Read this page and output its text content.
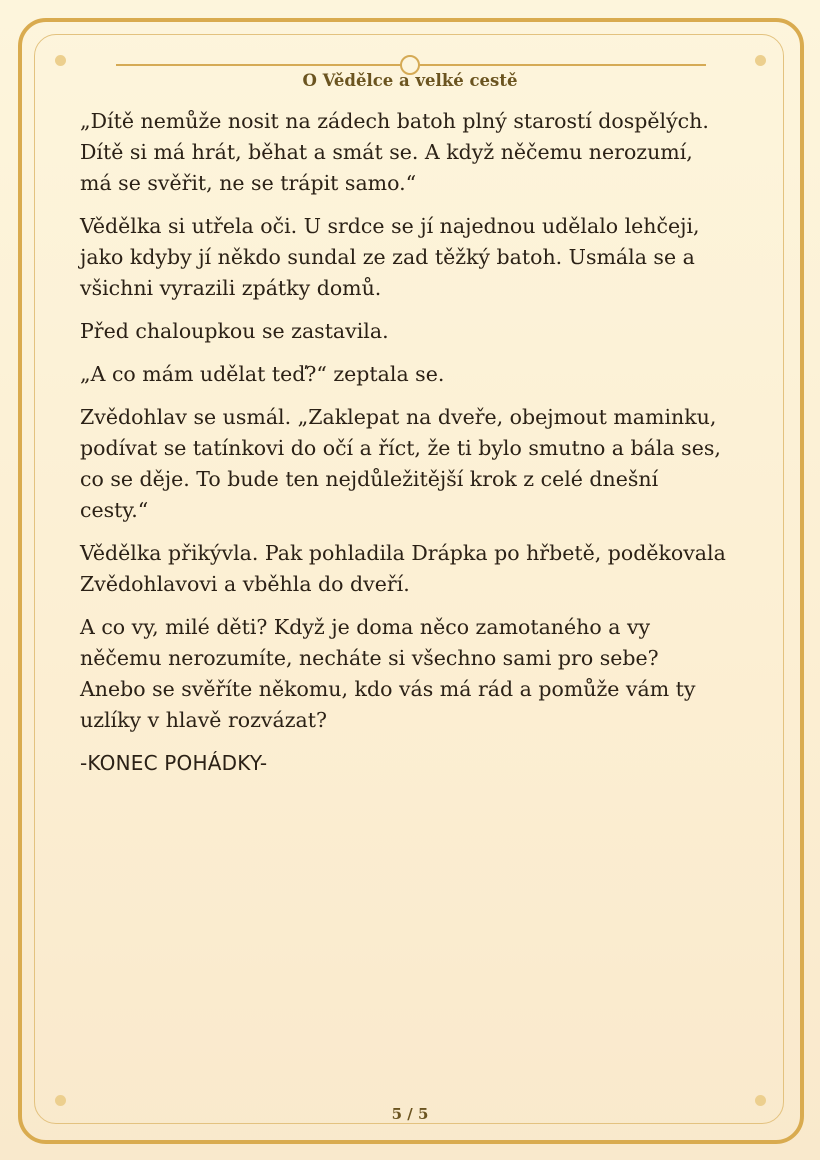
O Vědělce a velké cestě

„Dítě nemůže nosit na zádech batoh plný starostí dospělých. Dítě si má hrát, běhat a smát se. A když něčemu nerozumí, má se svěřit, ne se trápit samo.“

Vědělka si utřela oči. U srdce se jí najednou udělalo lehčeji, jako kdyby jí někdo sundal ze zad těžký batoh. Usmála se a všichni vyrazili zpátky domů.

Před chaloupkou se zastavila.

„A co mám udělat teď?“ zeptala se.

Zvědohlav se usmál. „Zaklepat na dveře, obejmout maminku, podívat se tatínkovi do očí a říct, že ti bylo smutno a bála ses, co se děje. To bude ten nejdůležitější krok z celé dnešní cesty.“

Vědělka přikývla. Pak pohladila Drápka po hřbetě, poděkovala Zvědohlavovi a vběhla do dveří.

A co vy, milé děti? Když je doma něco zamotaného a vy něčemu nerozumíte, necháte si všechno sami pro sebe? Anebo se svěříte někomu, kdo vás má rád a pomůže vám ty uzlíky v hlavě rozvázat?

-KONEC POHÁDKY-

5 / 5
